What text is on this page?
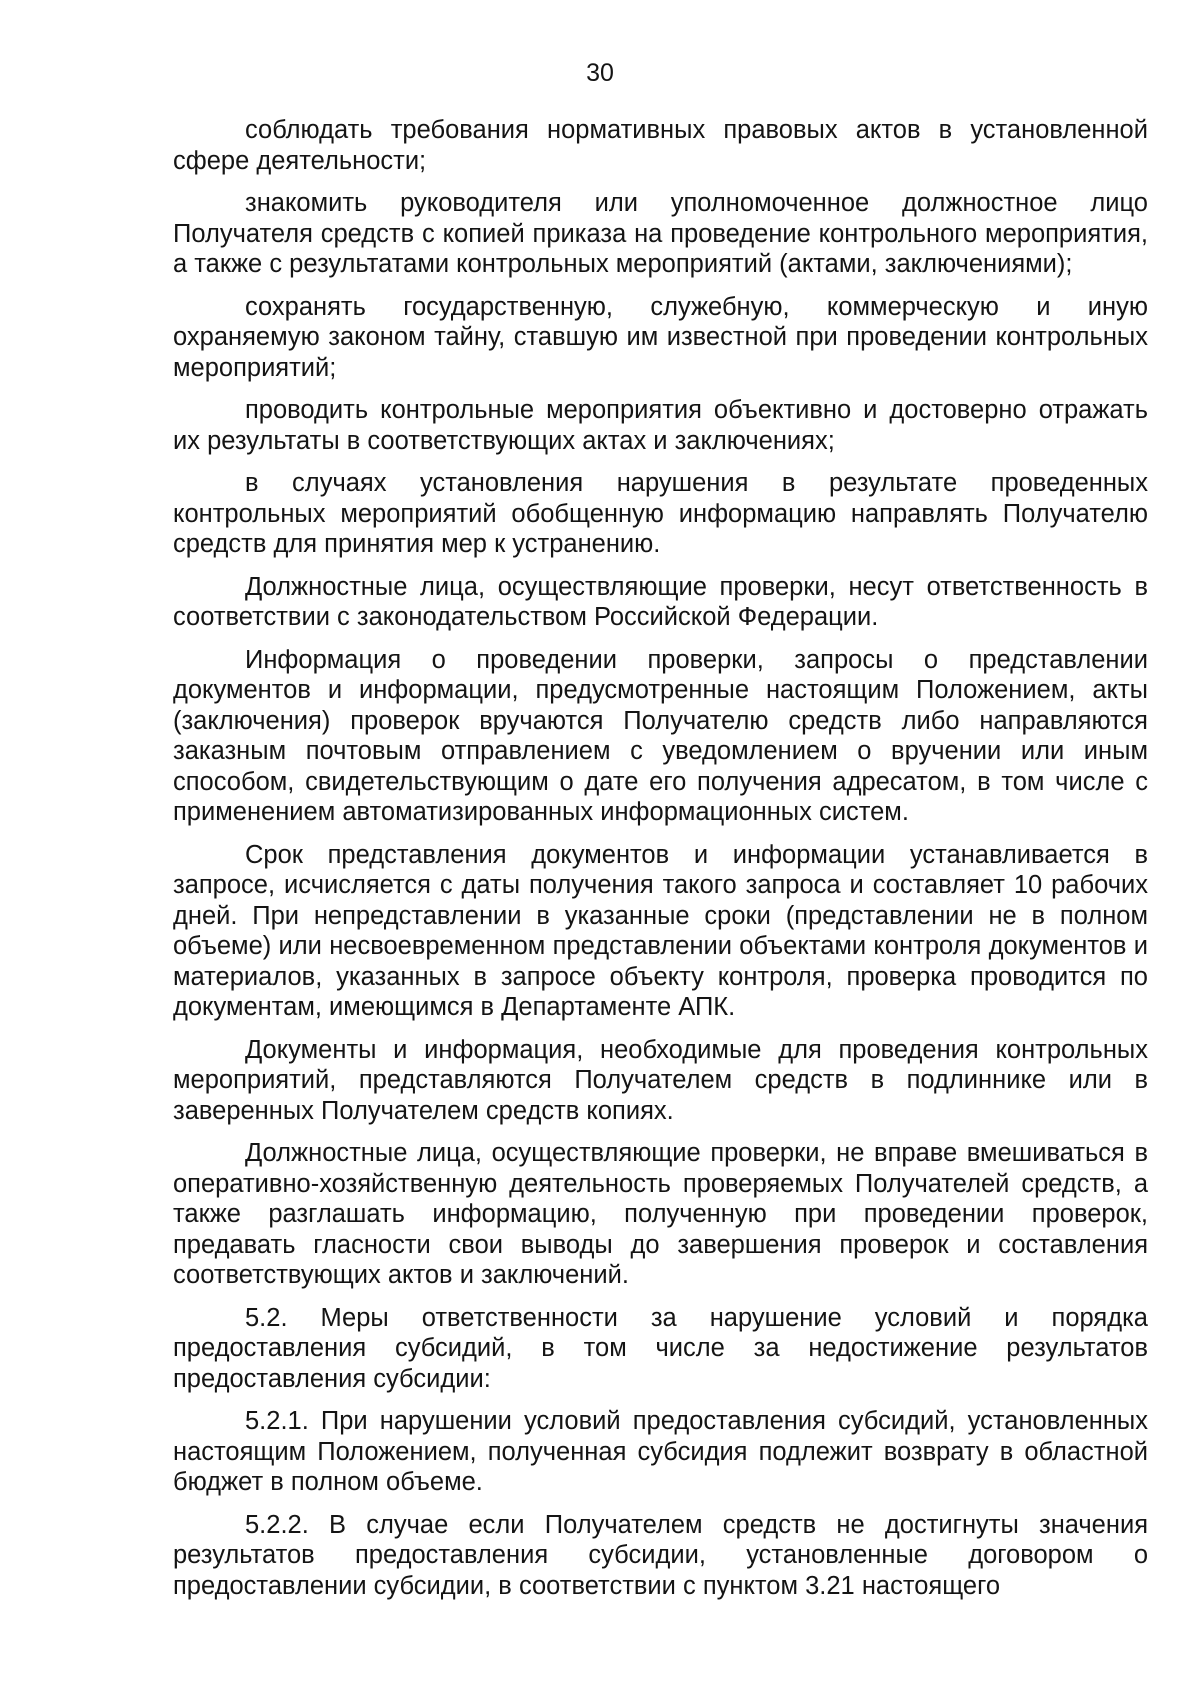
30

соблюдать требования нормативных правовых актов в установленной сфере деятельности;

знакомить руководителя или уполномоченное должностное лицо Получателя средств с копией приказа на проведение контрольного мероприятия, а также с результатами контрольных мероприятий (актами, заключениями);

сохранять государственную, служебную, коммерческую и иную охраняемую законом тайну, ставшую им известной при проведении контрольных мероприятий;

проводить контрольные мероприятия объективно и достоверно отражать их результаты в соответствующих актах и заключениях;

в случаях установления нарушения в результате проведенных контрольных мероприятий обобщенную информацию направлять Получателю средств для принятия мер к устранению.

Должностные лица, осуществляющие проверки, несут ответственность в соответствии с законодательством Российской Федерации.

Информация о проведении проверки, запросы о представлении документов и информации, предусмотренные настоящим Положением, акты (заключения) проверок вручаются Получателю средств либо направляются заказным почтовым отправлением с уведомлением о вручении или иным способом, свидетельствующим о дате его получения адресатом, в том числе с применением автоматизированных информационных систем.

Срок представления документов и информации устанавливается в запросе, исчисляется с даты получения такого запроса и составляет 10 рабочих дней. При непредставлении в указанные сроки (представлении не в полном объеме) или несвоевременном представлении объектами контроля документов и материалов, указанных в запросе объекту контроля, проверка проводится по документам, имеющимся в Департаменте АПК.

Документы и информация, необходимые для проведения контрольных мероприятий, представляются Получателем средств в подлиннике или в заверенных Получателем средств копиях.

Должностные лица, осуществляющие проверки, не вправе вмешиваться в оперативно-хозяйственную деятельность проверяемых Получателей средств, а также разглашать информацию, полученную при проведении проверок, предавать гласности свои выводы до завершения проверок и составления соответствующих актов и заключений.

5.2. Меры ответственности за нарушение условий и порядка предоставления субсидий, в том числе за недостижение результатов предоставления субсидии:

5.2.1. При нарушении условий предоставления субсидий, установленных настоящим Положением, полученная субсидия подлежит возврату в областной бюджет в полном объеме.

5.2.2. В случае если Получателем средств не достигнуты значения результатов предоставления субсидии, установленные договором о предоставлении субсидии, в соответствии с пунктом 3.21 настоящего
